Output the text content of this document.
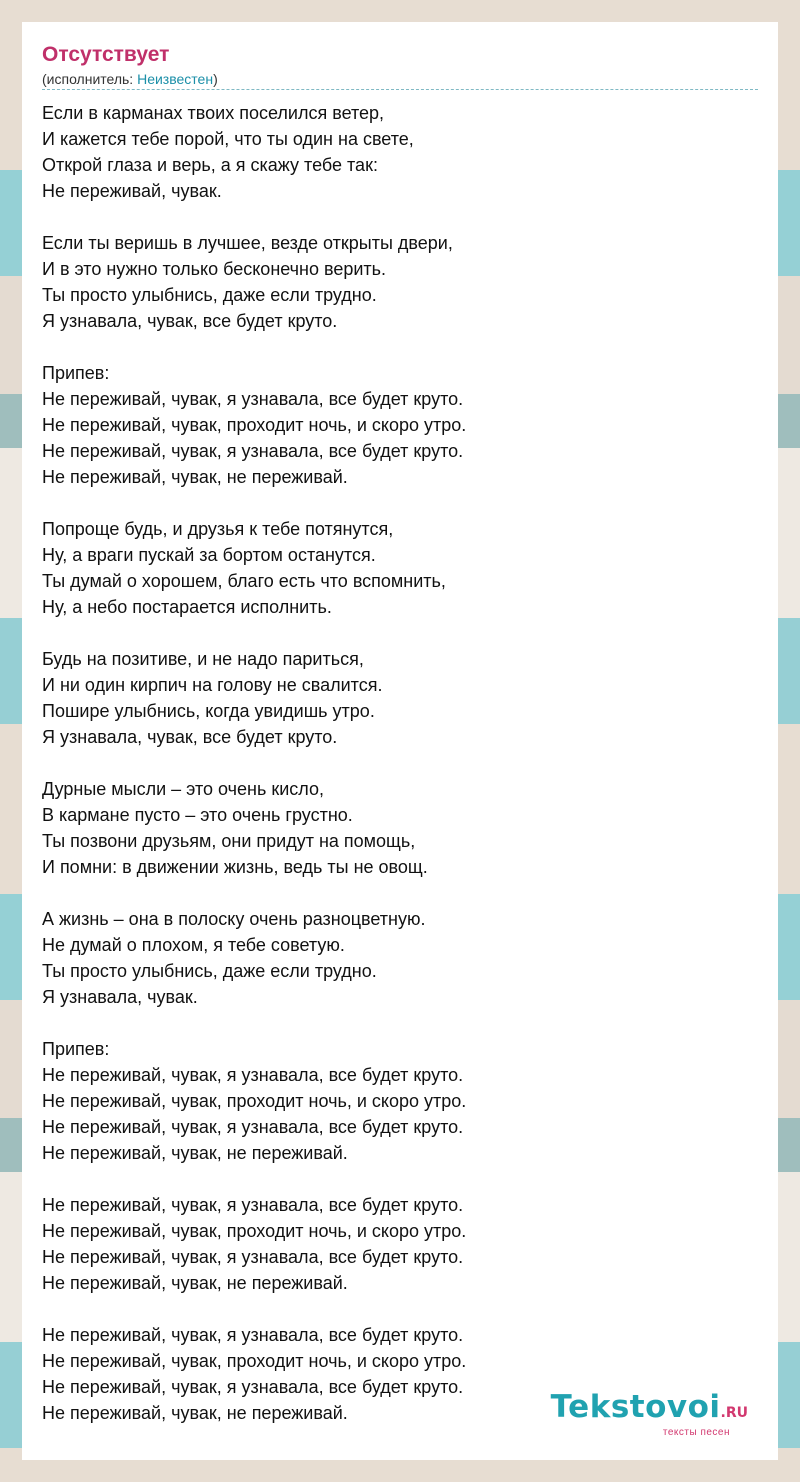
Отсутствует
(исполнитель: Неизвестен)
Если в карманах твоих поселился ветер,
И кажется тебе порой, что ты один на свете,
Открой глаза и верь, а я скажу тебе так:
Не переживай, чувак.
Если ты веришь в лучшее, везде открыты двери,
И в это нужно только бесконечно верить.
Ты просто улыбнись, даже если трудно.
Я узнавала, чувак, все будет круто.
Припев:
Не переживай, чувак, я узнавала, все будет круто.
Не переживай, чувак, проходит ночь, и скоро утро.
Не переживай, чувак, я узнавала, все будет круто.
Не переживай, чувак, не переживай.
Попроще будь, и друзья к тебе потянутся,
Ну, а враги пускай за бортом останутся.
Ты думай о хорошем, благо есть что вспомнить,
Ну, а небо постарается исполнить.
Будь на позитиве, и не надо париться,
И ни один кирпич на голову не свалится.
Пошире улыбнись, когда увидишь утро.
Я узнавала, чувак, все будет круто.
Дурные мысли – это очень кисло,
В кармане пусто – это очень грустно.
Ты позвони друзьям, они придут на помощь,
И помни: в движении жизнь, ведь ты не овощ.
А жизнь – она в полоску очень разноцветную.
Не думай о плохом, я тебе советую.
Ты просто улыбнись, даже если трудно.
Я узнавала, чувак.
Припев:
Не переживай, чувак, я узнавала, все будет круто.
Не переживай, чувак, проходит ночь, и скоро утро.
Не переживай, чувак, я узнавала, все будет круто.
Не переживай, чувак, не переживай.
Не переживай, чувак, я узнавала, все будет круто.
Не переживай, чувак, проходит ночь, и скоро утро.
Не переживай, чувак, я узнавала, все будет круто.
Не переживай, чувак, не переживай.
Не переживай, чувак, я узнавала, все будет круто.
Не переживай, чувак, проходит ночь, и скоро утро.
Не переживай, чувак, я узнавала, все будет круто.
Не переживай, чувак, не переживай.	Tekstovoi.RU
тексты песен
